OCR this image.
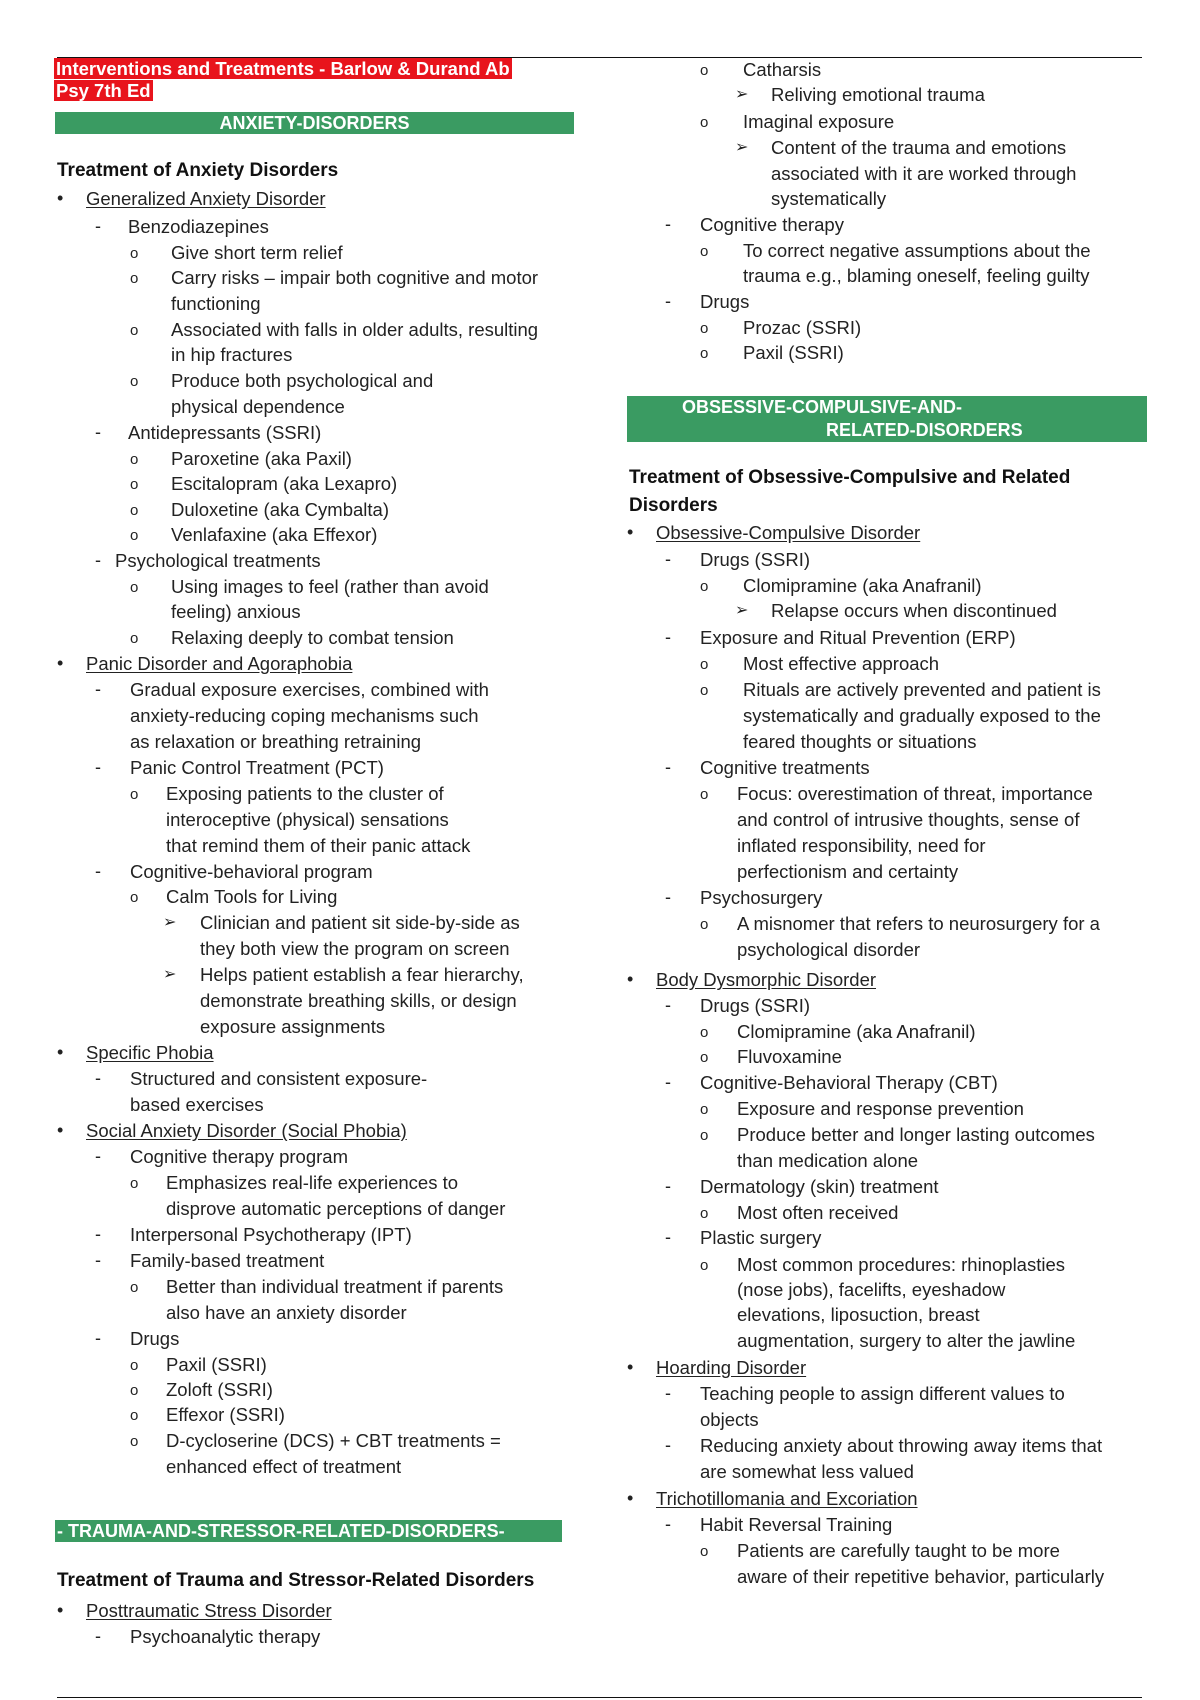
Interventions and Treatments - Barlow & Durand Ab
Psy 7th Ed
ANXIETY-DISORDERS
Treatment of Anxiety Disorders
• Generalized Anxiety Disorder
- Benzodiazepines
o Give short term relief
o Carry risks – impair both cognitive and motor
functioning
o Associated with falls in older adults, resulting
in hip fractures
o Produce both psychological and
physical dependence
- Antidepressants (SSRI)
o Paroxetine (aka Paxil)
o Escitalopram (aka Lexapro)
o Duloxetine (aka Cymbalta)
o Venlafaxine (aka Effexor)
- Psychological treatments
o Using images to feel (rather than avoid
feeling) anxious
o Relaxing deeply to combat tension
• Panic Disorder and Agoraphobia
- Gradual exposure exercises, combined with
anxiety-reducing coping mechanisms such
as relaxation or breathing retraining
- Panic Control Treatment (PCT)
o Exposing patients to the cluster of
interoceptive (physical) sensations
that remind them of their panic attack
- Cognitive-behavioral program
o Calm Tools for Living
➢ Clinician and patient sit side-by-side as
they both view the program on screen
➢ Helps patient establish a fear hierarchy,
demonstrate breathing skills, or design
exposure assignments
• Specific Phobia
- Structured and consistent exposure-
based exercises
• Social Anxiety Disorder (Social Phobia)
- Cognitive therapy program
o Emphasizes real-life experiences to
disprove automatic perceptions of danger
- Interpersonal Psychotherapy (IPT)
- Family-based treatment
o Better than individual treatment if parents
also have an anxiety disorder
- Drugs
o Paxil (SSRI)
o Zoloft (SSRI)
o Effexor (SSRI)
o D-cycloserine (DCS) + CBT treatments =
enhanced effect of treatment
• Posttraumatic Stress Disorder
- Psychoanalytic therapy
- TRAUMA-AND-STRESSOR-RELATED-DISORDERS-
Treatment of Trauma and Stressor-Related Disorders
OBSESSIVE-COMPULSIVE-AND-
RELATED-DISORDERS
Treatment of Obsessive-Compulsive and Related
Disorders
o Catharsis
➢ Reliving emotional trauma
o Imaginal exposure
➢ Content of the trauma and emotions
associated with it are worked through
systematically
- Cognitive therapy
o To correct negative assumptions about the
trauma e.g., blaming oneself, feeling guilty
- Drugs
o Prozac (SSRI)
o Paxil (SSRI)
• Obsessive-Compulsive Disorder
- Drugs (SSRI)
o Clomipramine (aka Anafranil)
➢ Relapse occurs when discontinued
- Exposure and Ritual Prevention (ERP)
o Most effective approach
o Rituals are actively prevented and patient is
systematically and gradually exposed to the
feared thoughts or situations
- Cognitive treatments
o Focus: overestimation of threat, importance
and control of intrusive thoughts, sense of
inflated responsibility, need for
perfectionism and certainty
- Psychosurgery
o A misnomer that refers to neurosurgery for a
psychological disorder
• Body Dysmorphic Disorder
- Drugs (SSRI)
o Clomipramine (aka Anafranil)
o Fluvoxamine
- Cognitive-Behavioral Therapy (CBT)
o Exposure and response prevention
o Produce better and longer lasting outcomes
than medication alone
- Dermatology (skin) treatment
o Most often received
- Plastic surgery
o Most common procedures: rhinoplasties
(nose jobs), facelifts, eyeshadow
elevations, liposuction, breast
augmentation, surgery to alter the jawline
• Hoarding Disorder
- Teaching people to assign different values to
objects
- Reducing anxiety about throwing away items that
are somewhat less valued
• Trichotillomania and Excoriation
- Habit Reversal Training
o Patients are carefully taught to be more
aware of their repetitive behavior, particularly
